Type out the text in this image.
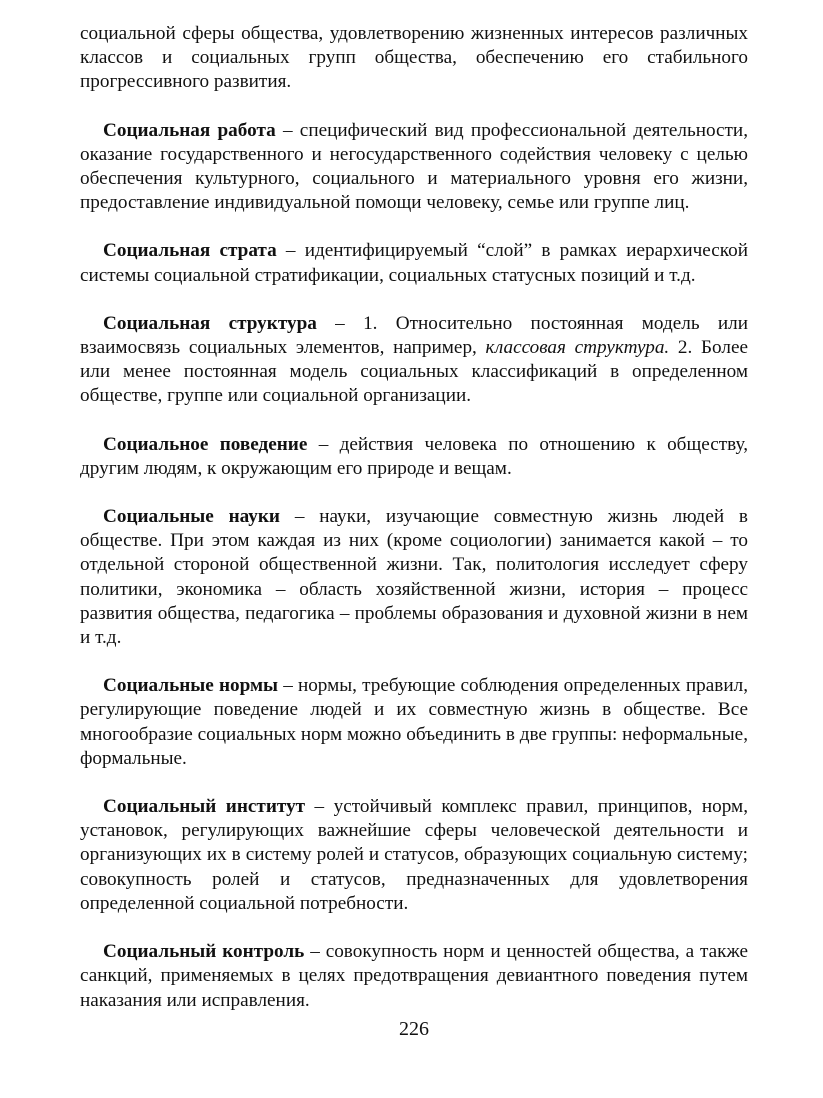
социальной сферы общества, удовлетворению жизненных интересов различных классов и социальных групп общества, обеспечению его стабильного прогрессивного развития.

Социальная работа – специфический вид профессиональной деятельности, оказание государственного и негосударственного содействия человеку с целью обеспечения культурного, социального и материального уровня его жизни, предоставление индивидуальной помощи человеку, семье или группе лиц.

Социальная страта – идентифицируемый “слой” в рамках иерархической системы социальной стратификации, социальных статусных позиций и т.д.

Социальная структура – 1. Относительно постоянная модель или взаимосвязь социальных элементов, например, классовая структура. 2. Более или менее постоянная модель социальных классификаций в определенном обществе, группе или социальной организации.

Социальное поведение – действия человека по отношению к обществу, другим людям, к окружающим его природе и вещам.

Социальные науки – науки, изучающие совместную жизнь людей в обществе. При этом каждая из них (кроме социологии) занимается какой – то отдельной стороной общественной жизни. Так, политология исследует сферу политики, экономика – область хозяйственной жизни, история – процесс развития общества, педагогика – проблемы образования и духовной жизни в нем и т.д.

Социальные нормы – нормы, требующие соблюдения определенных правил, регулирующие поведение людей и их совместную жизнь в обществе. Все многообразие социальных норм можно объединить в две группы: неформальные, формальные.

Социальный институт – устойчивый комплекс правил, принципов, норм, установок, регулирующих важнейшие сферы человеческой деятельности и организующих их в систему ролей и статусов, образующих социальную систему; совокупность ролей и статусов, предназначенных для удовлетворения определенной социальной потребности.

Социальный контроль – совокупность норм и ценностей общества, а также санкций, применяемых в целях предотвращения девиантного поведения путем наказания или исправления.

226
